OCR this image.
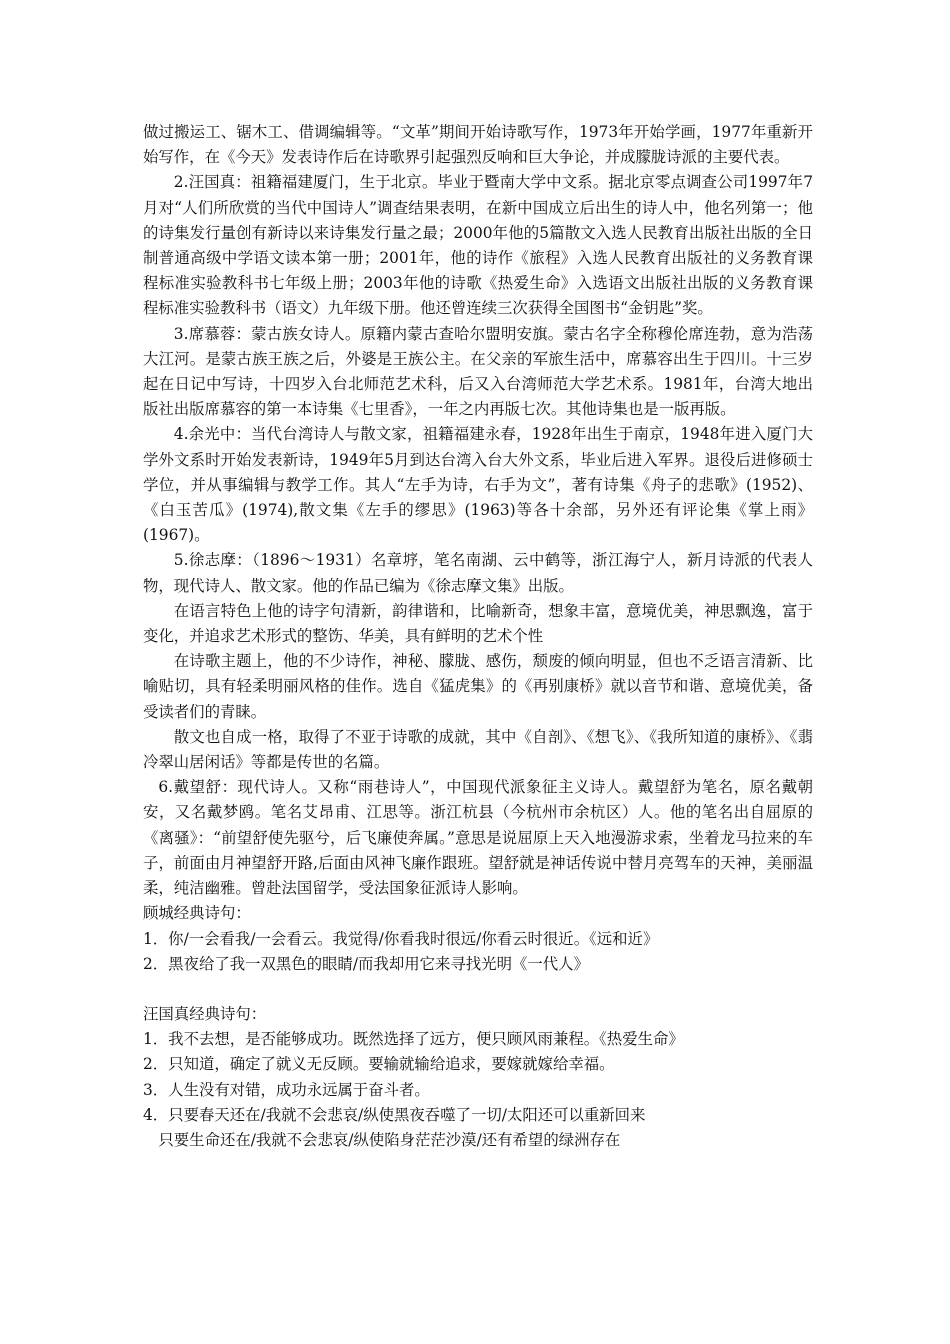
做过搬运工、锯木工、借调编辑等。“文革”期间开始诗歌写作，1973年开始学画，1977年重新开始写作，在《今天》发表诗作后在诗歌界引起强烈反响和巨大争论，并成朦胧诗派的主要代表。

2.汪国真：祖籍福建厦门，生于北京。毕业于暨南大学中文系。据北京零点调查公司1997年7月对“人们所欣赏的当代中国诗人”调查结果表明，在新中国成立后出生的诗人中，他名列第一；他的诗集发行量创有新诗以来诗集发行量之最；2000年他的5篇散文入选人民教育出版社出版的全日制普通高级中学语文读本第一册；2001年，他的诗作《旅程》入选人民教育出版社的义务教育课程标准实验教科书七年级上册；2003年他的诗歌《热爱生命》入选语文出版社出版的义务教育课程标准实验教科书（语文）九年级下册。他还曾连续三次获得全国图书“金钥匙”奖。

3.席慕蓉：蒙古族女诗人。原籍内蒙古查哈尔盟明安旗。蒙古名字全称穆伦席连勃，意为浩荡大江河。是蒙古族王族之后，外婆是王族公主。在父亲的军旅生活中，席慕容出生于四川。十三岁起在日记中写诗，十四岁入台北师范艺术科，后又入台湾师范大学艺术系。1981年，台湾大地出版社出版席慕容的第一本诗集《七里香》，一年之内再版七次。其他诗集也是一版再版。

4.余光中：当代台湾诗人与散文家，祖籍福建永春，1928年出生于南京，1948年进入厦门大学外文系时开始发表新诗，1949年5月到达台湾入台大外文系，毕业后进入军界。退役后进修硕士学位，并从事编辑与教学工作。其人“左手为诗，右手为文”，著有诗集《舟子的悲歌》(1952)、《白玉苦瓜》(1974),散文集《左手的缪思》(1963)等各十余部，另外还有评论集《掌上雨》(1967)。

5.徐志摩：（1896～1931）名章垿，笔名南湖、云中鹤等，浙江海宁人，新月诗派的代表人物，现代诗人、散文家。他的作品已编为《徐志摩文集》出版。

在语言特色上他的诗字句清新，韵律谐和，比喻新奇，想象丰富，意境优美，神思飘逸，富于变化，并追求艺术形式的整饬、华美，具有鲜明的艺术个性

在诗歌主题上，他的不少诗作，神秘、朦胧、感伤，颓废的倾向明显，但也不乏语言清新、比喻贴切，具有轻柔明丽风格的佳作。选自《猛虎集》的《再别康桥》就以音节和谐、意境优美，备受读者们的青睐。

散文也自成一格，取得了不亚于诗歌的成就，其中《自剖》、《想飞》、《我所知道的康桥》、《翡冷翠山居闲话》等都是传世的名篇。

6.戴望舒：现代诗人。又称“雨巷诗人”，中国现代派象征主义诗人。戴望舒为笔名，原名戴朝安，又名戴梦鸥。笔名艾昂甫、江思等。浙江杭县（今杭州市余杭区）人。他的笔名出自屈原的《离骚》：“前望舒使先驱兮，后飞廉使奔属。”意思是说屈原上天入地漫游求索，坐着龙马拉来的车子，前面由月神望舒开路,后面由风神飞廉作跟班。望舒就是神话传说中替月亮驾车的天神，美丽温柔，纯洁幽雅。曾赴法国留学，受法国象征派诗人影响。

顾城经典诗句：

1．你/一会看我/一会看云。我觉得/你看我时很远/你看云时很近。《远和近》

2．黑夜给了我一双黑色的眼睛/而我却用它来寻找光明《一代人》

汪国真经典诗句：

1．我不去想，是否能够成功。既然选择了远方，便只顾风雨兼程。《热爱生命》

2．只知道，确定了就义无反顾。要输就输给追求，要嫁就嫁给幸福。

3．人生没有对错，成功永远属于奋斗者。

4．只要春天还在/我就不会悲哀/纵使黑夜吞噬了一切/太阳还可以重新回来

只要生命还在/我就不会悲哀/纵使陷身茫茫沙漠/还有希望的绿洲存在
